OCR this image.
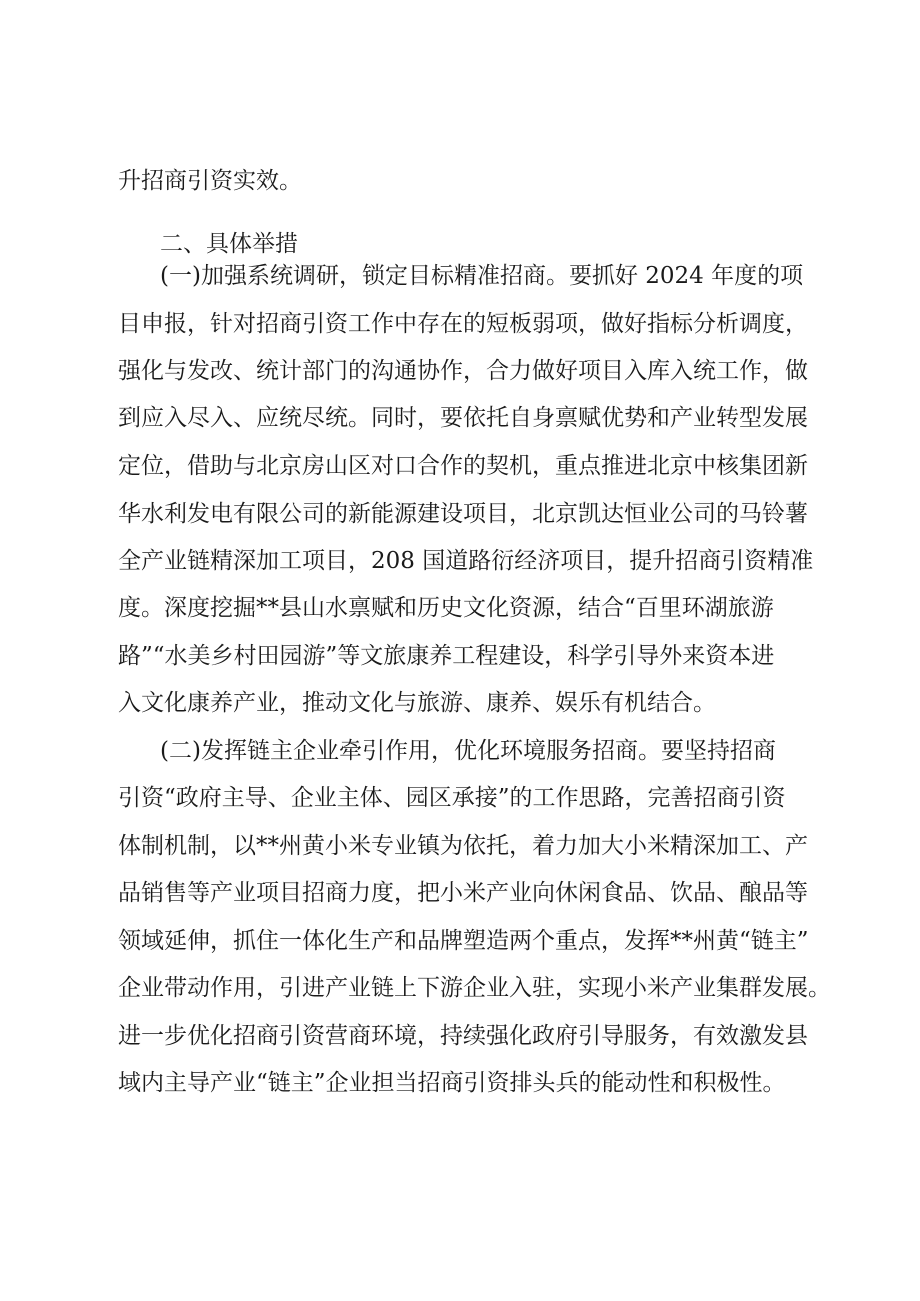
升招商引资实效。

二、具体举措

(一)加强系统调研，锁定目标精准招商。要抓好 2024 年度的项

目申报，针对招商引资工作中存在的短板弱项，做好指标分析调度，

强化与发改、统计部门的沟通协作，合力做好项目入库入统工作，做

到应入尽入、应统尽统。同时，要依托自身禀赋优势和产业转型发展

定位，借助与北京房山区对口合作的契机，重点推进北京中核集团新

华水利发电有限公司的新能源建设项目，北京凯达恒业公司的马铃薯

全产业链精深加工项目，208 国道路衍经济项目，提升招商引资精准

度。深度挖掘**县山水禀赋和历史文化资源，结合“百里环湖旅游

路”“水美乡村田园游”等文旅康养工程建设，科学引导外来资本进

入文化康养产业，推动文化与旅游、康养、娱乐有机结合。

(二)发挥链主企业牵引作用，优化环境服务招商。要坚持招商

引资“政府主导、企业主体、园区承接”的工作思路，完善招商引资

体制机制，以**州黄小米专业镇为依托，着力加大小米精深加工、产

品销售等产业项目招商力度，把小米产业向休闲食品、饮品、酿品等

领域延伸，抓住一体化生产和品牌塑造两个重点，发挥**州黄“链主”

企业带动作用，引进产业链上下游企业入驻，实现小米产业集群发展。

进一步优化招商引资营商环境，持续强化政府引导服务，有效激发县

域内主导产业“链主”企业担当招商引资排头兵的能动性和积极性。
